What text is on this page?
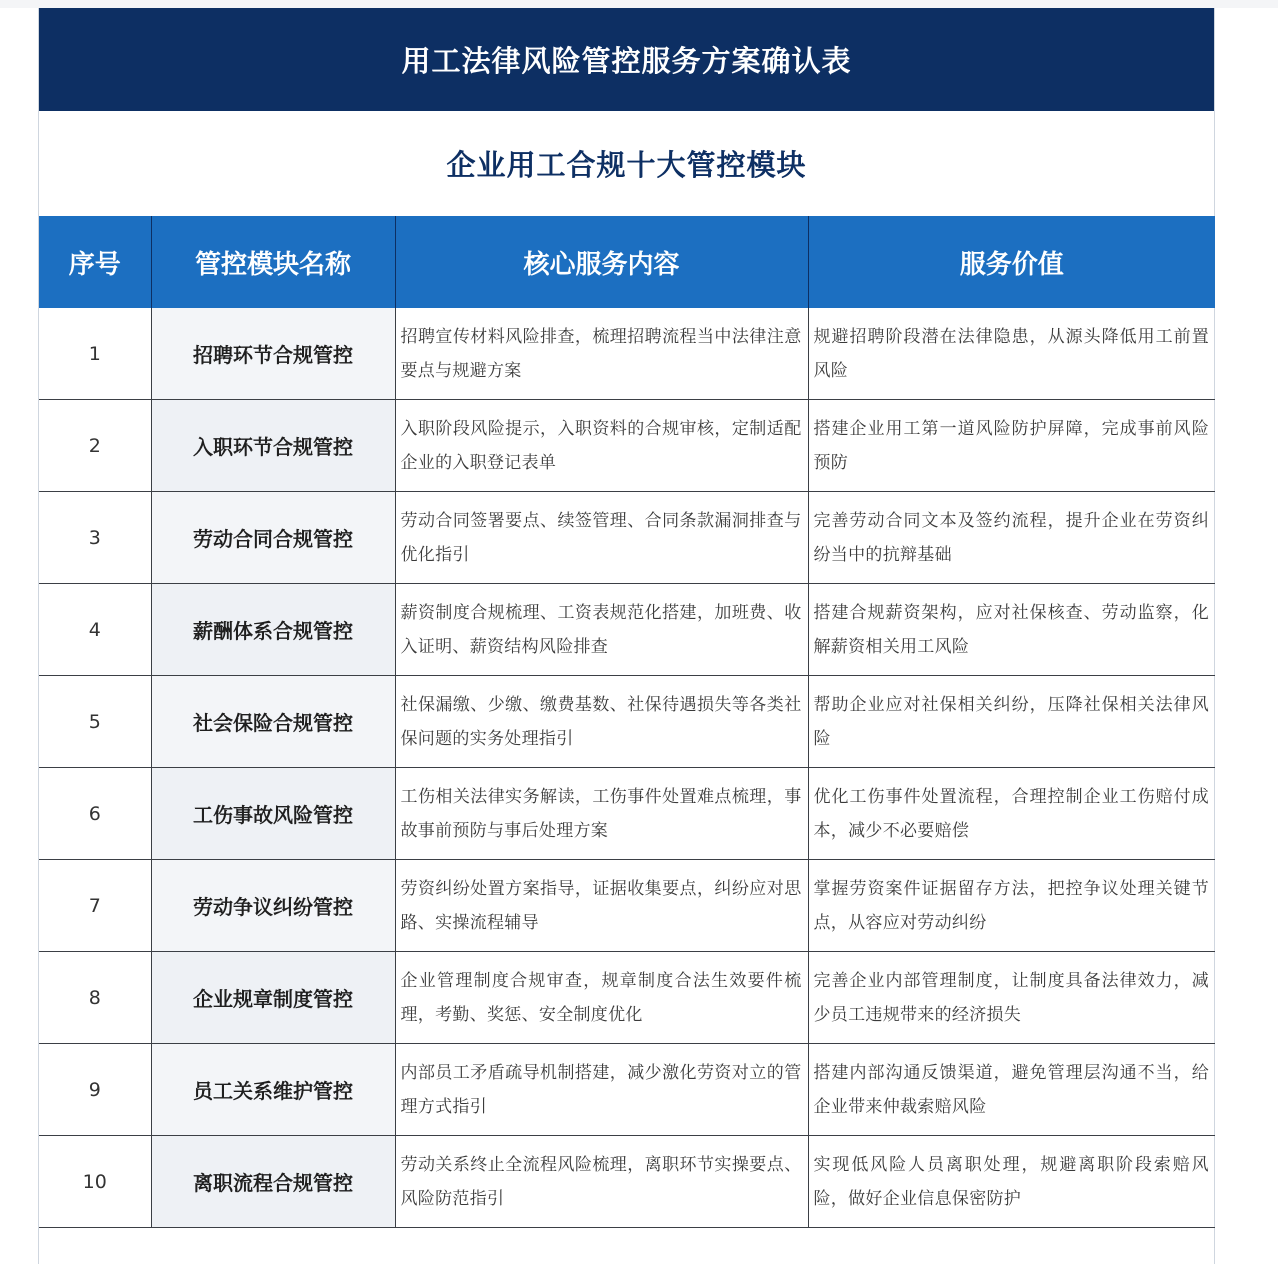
用工法律风险管控服务方案确认表
企业用工合规十大管控模块
序号	管控模块名称	核心服务内容	服务价值
1	招聘环节合规管控	招聘宣传材料风险排查，梳理招聘流程当中法律注意要点与规避方案	规避招聘阶段潜在法律隐患，从源头降低用工前置风险
2	入职环节合规管控	入职阶段风险提示，入职资料的合规审核，定制适配企业的入职登记表单	搭建企业用工第一道风险防护屏障，完成事前风险预防
3	劳动合同合规管控	劳动合同签署要点、续签管理、合同条款漏洞排查与优化指引	完善劳动合同文本及签约流程，提升企业在劳资纠纷当中的抗辩基础
4	薪酬体系合规管控	薪资制度合规梳理、工资表规范化搭建，加班费、收入证明、薪资结构风险排查	搭建合规薪资架构，应对社保核查、劳动监察，化解薪资相关用工风险
5	社会保险合规管控	社保漏缴、少缴、缴费基数、社保待遇损失等各类社保问题的实务处理指引	帮助企业应对社保相关纠纷，压降社保相关法律风险
6	工伤事故风险管控	工伤相关法律实务解读，工伤事件处置难点梳理，事故事前预防与事后处理方案	优化工伤事件处置流程，合理控制企业工伤赔付成本，减少不必要赔偿
7	劳动争议纠纷管控	劳资纠纷处置方案指导，证据收集要点，纠纷应对思路、实操流程辅导	掌握劳资案件证据留存方法，把控争议处理关键节点，从容应对劳动纠纷
8	企业规章制度管控	企业管理制度合规审查，规章制度合法生效要件梳理，考勤、奖惩、安全制度优化	完善企业内部管理制度，让制度具备法律效力，减少员工违规带来的经济损失
9	员工关系维护管控	内部员工矛盾疏导机制搭建，减少激化劳资对立的管理方式指引	搭建内部沟通反馈渠道，避免管理层沟通不当，给企业带来仲裁索赔风险
10	离职流程合规管控	劳动关系终止全流程风险梳理，离职环节实操要点、风险防范指引	实现低风险人员离职处理，规避离职阶段索赔风险，做好企业信息保密防护
